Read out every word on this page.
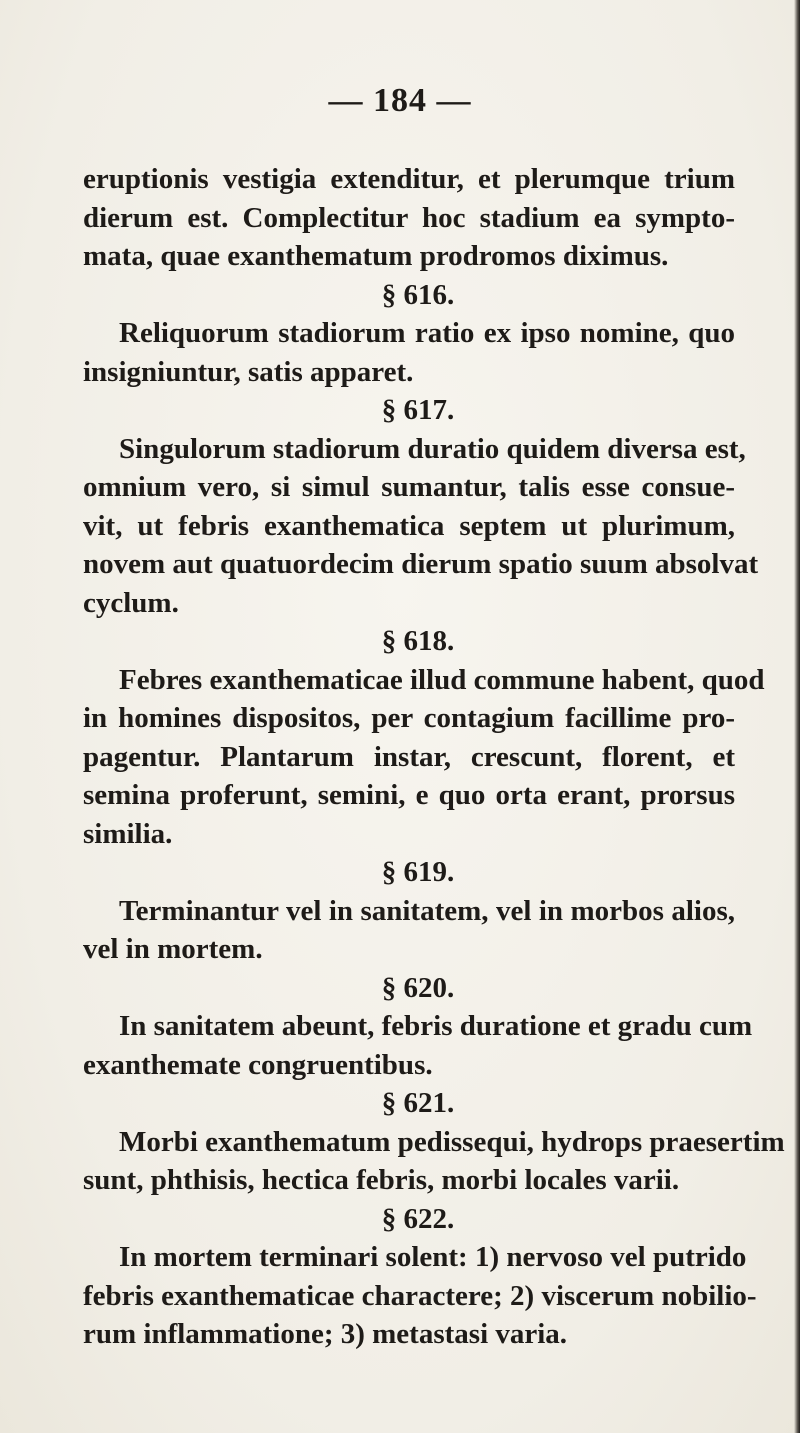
— 184 —
eruptionis vestigia extenditur, et plerumque trium
dierum est. Complectitur hoc stadium ea sympto-
mata, quae exanthematum prodromos diximus.
§ 616.
Reliquorum stadiorum ratio ex ipso nomine, quo
insigniuntur, satis apparet.
§ 617.
Singulorum stadiorum duratio quidem diversa est,
omnium vero, si simul sumantur, talis esse consue-
vit, ut febris exanthematica septem ut plurimum,
novem aut quatuordecim dierum spatio suum absolvat
cyclum.
§ 618.
Febres exanthematicae illud commune habent, quod
in homines dispositos, per contagium facillime pro-
pagentur. Plantarum instar, crescunt, florent, et
semina proferunt, semini, e quo orta erant, prorsus
similia.
§ 619.
Terminantur vel in sanitatem, vel in morbos alios,
vel in mortem.
§ 620.
In sanitatem abeunt, febris duratione et gradu cum
exanthemate congruentibus.
§ 621.
Morbi exanthematum pedissequi, hydrops praesertim
sunt, phthisis, hectica febris, morbi locales varii.
§ 622.
In mortem terminari solent: 1) nervoso vel putrido
febris exanthematicae charactere; 2) viscerum nobilio-
rum inflammatione; 3) metastasi varia.
